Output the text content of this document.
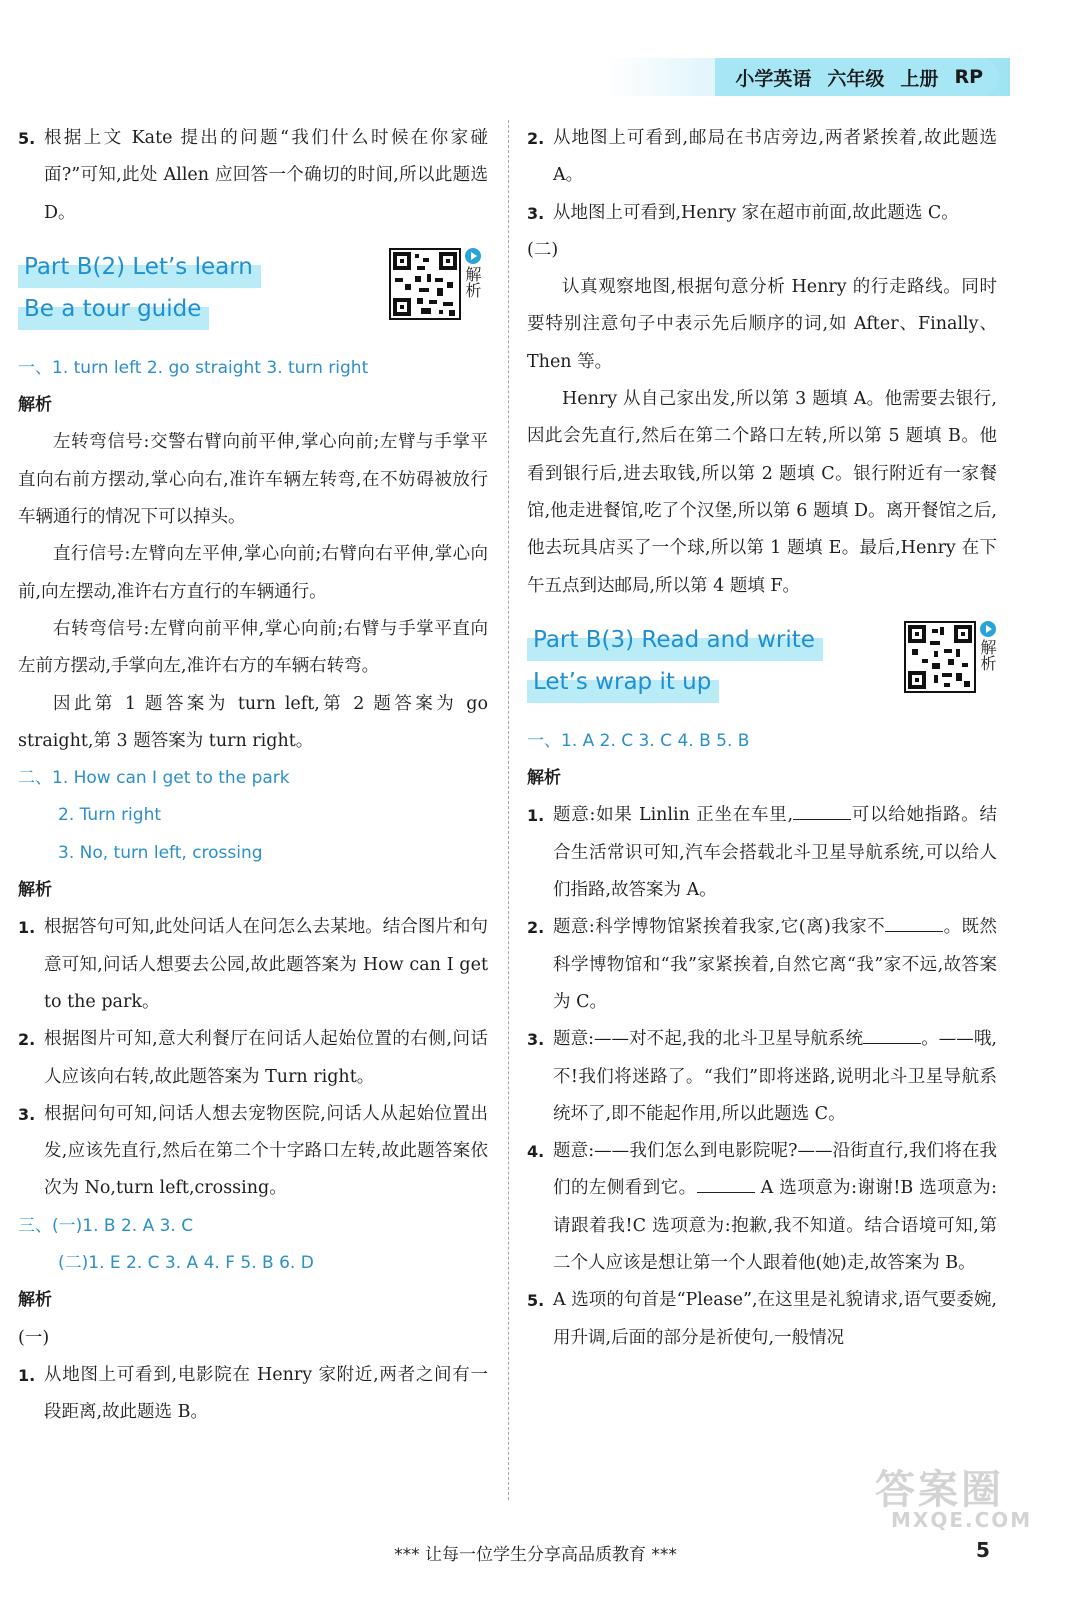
小学英语 六年级 上册 RP
5. 根据上文 Kate 提出的问题“我们什么时候在你家碰面?”可知,此处 Allen 应回答一个确切的时间,所以此题选 D。
Part B(2) Let’s learn
Be a tour guide
解析

一、1. turn left 2. go straight 3. turn right

解析

左转弯信号:交警右臂向前平伸,掌心向前;左臂与手掌平直向右前方摆动,掌心向右,准许车辆左转弯,在不妨碍被放行车辆通行的情况下可以掉头。

直行信号:左臂向左平伸,掌心向前;右臂向右平伸,掌心向前,向左摆动,准许右方直行的车辆通行。

右转弯信号:左臂向前平伸,掌心向前;右臂与手掌平直向左前方摆动,手掌向左,准许右方的车辆右转弯。

因此第 1 题答案为 turn left,第 2 题答案为 go straight,第 3 题答案为 turn right。

二、1. How can I get to the park

2. Turn right

3. No, turn left, crossing

解析

1. 根据答句可知,此处问话人在问怎么去某地。结合图片和句意可知,问话人想要去公园,故此题答案为 How can I get to the park。
2. 根据图片可知,意大利餐厅在问话人起始位置的右侧,问话人应该向右转,故此题答案为 Turn right。
3. 根据问句可知,问话人想去宠物医院,问话人从起始位置出发,应该先直行,然后在第二个十字路口左转,故此题答案依次为 No,turn left,crossing。

三、(一)1. B 2. A 3. C

(二)1. E 2. C 3. A 4. F 5. B 6. D

解析

(一)

1. 从地图上可看到,电影院在 Henry 家附近,两者之间有一段距离,故此题选 B。
2. 从地图上可看到,邮局在书店旁边,两者紧挨着,故此题选 A。
3. 从地图上可看到,Henry 家在超市前面,故此题选 C。

(二)

认真观察地图,根据句意分析 Henry 的行走路线。同时要特别注意句子中表示先后顺序的词,如 After、Finally、Then 等。

Henry 从自己家出发,所以第 3 题填 A。他需要去银行,因此会先直行,然后在第二个路口左转,所以第 5 题填 B。他看到银行后,进去取钱,所以第 2 题填 C。银行附近有一家餐馆,他走进餐馆,吃了个汉堡,所以第 6 题填 D。离开餐馆之后,他去玩具店买了一个球,所以第 1 题填 E。最后,Henry 在下午五点到达邮局,所以第 4 题填 F。

Part B(3) Read and write
Let’s wrap it up
解析

一、1. A 2. C 3. C 4. B 5. B

解析

1. 题意:如果 Linlin 正坐在车里,	可以给她指路。结合生活常识可知,汽车会搭载北斗卫星导航系统,可以给人们指路,故答案为 A。
2. 题意:科学博物馆紧挨着我家,它(离)我家不	。既然科学博物馆和“我”家紧挨着,自然它离“我”家不远,故答案为 C。
3. 题意:——对不起,我的北斗卫星导航系统	。——哦,不!我们将迷路了。“我们”即将迷路,说明北斗卫星导航系统坏了,即不能起作用,所以此题选 C。
4. 题意:——我们怎么到电影院呢?——沿街直行,我们将在我们的左侧看到它。	A 选项意为:谢谢!B 选项意为:请跟着我!C 选项意为:抱歉,我不知道。结合语境可知,第二个人应该是想让第一个人跟着他(她)走,故答案为 B。
5. A 选项的句首是“Please”,在这里是礼貌请求,语气要委婉,用升调,后面的部分是祈使句,一般情况
*** 让每一位学生分享高品质教育 ***	5
答案圈
MXQE.COM
